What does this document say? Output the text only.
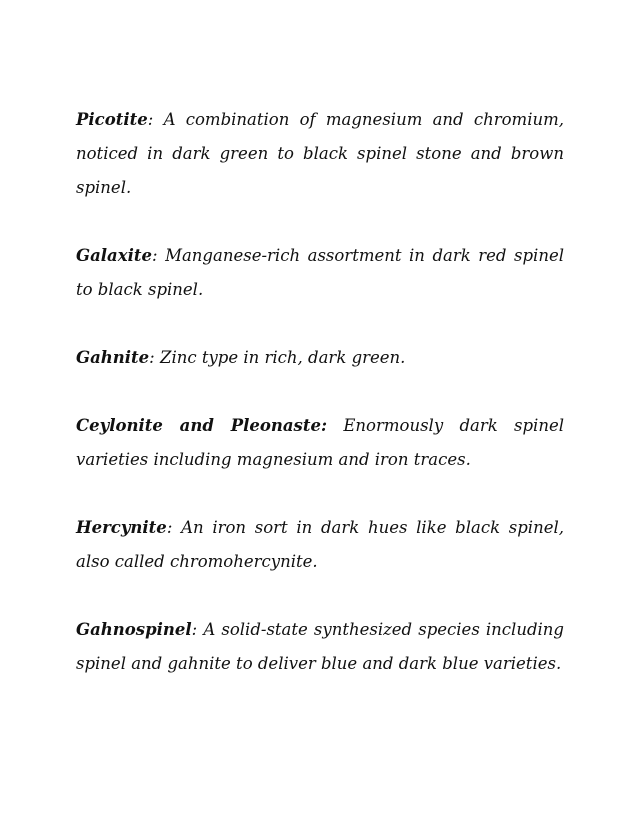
Picotite: A combination of magnesium and chromium, noticed in dark green to black spinel stone and brown spinel.

Galaxite: Manganese-rich assortment in dark red spinel to black spinel.

Gahnite: Zinc type in rich, dark green.

Ceylonite and Pleonaste: Enormously dark spinel varieties including magnesium and iron traces.

Hercynite: An iron sort in dark hues like black spinel, also called chromohercynite.

Gahnospinel: A solid-state synthesized species including spinel and gahnite to deliver blue and dark blue varieties.
